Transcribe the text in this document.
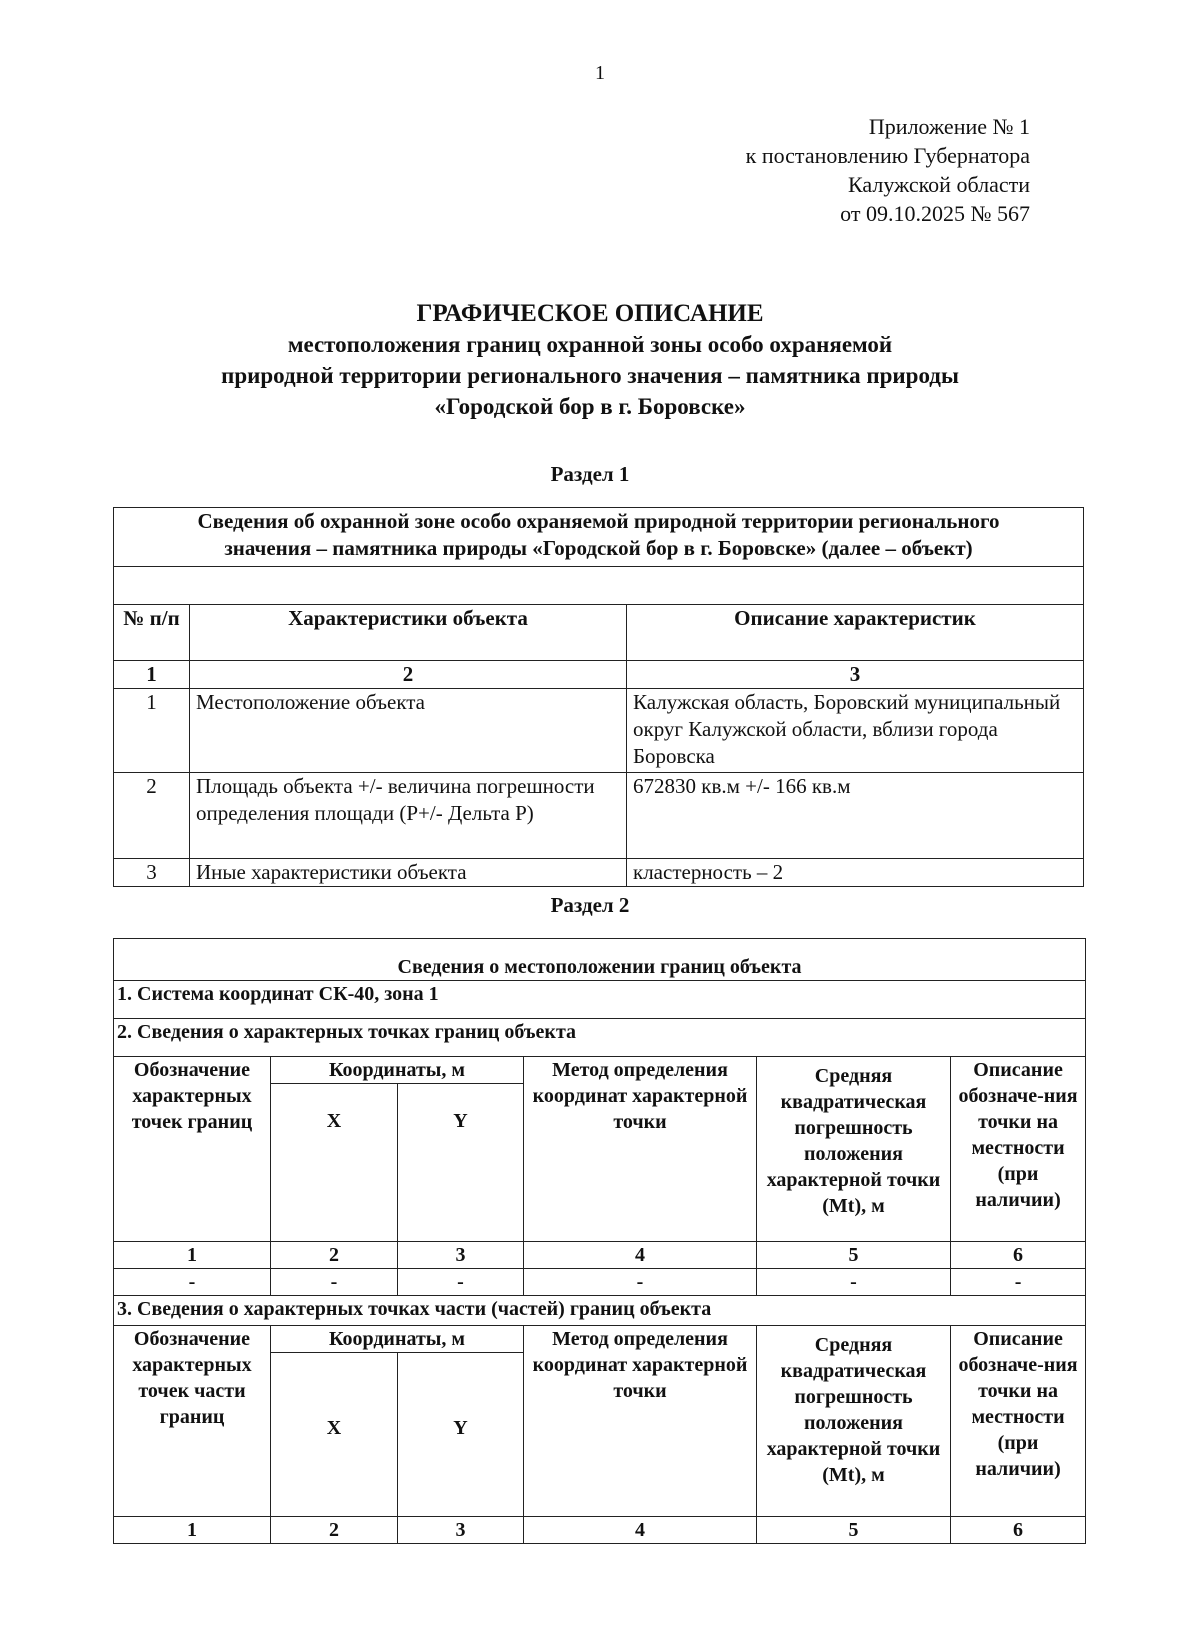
1
Приложение № 1
к постановлению Губернатора
Калужской области
от 09.10.2025 № 567
ГРАФИЧЕСКОЕ ОПИСАНИЕ
местоположения границ охранной зоны особо охраняемой
природной территории регионального значения – памятника природы
«Городской бор в г. Боровске»
Раздел 1
Сведения об охранной зоне особо охраняемой природной территории регионального
значения – памятника природы «Городской бор в г. Боровске» (далее – объект)		

№ п/п	Характеристики объекта	Описание характеристик
1	2	3
1	Местоположение объекта	Калужская область, Боровский муниципальный округ Калужской области, вблизи города Боровска
2	Площадь объекта +/- величина погрешности определения площади (Р+/- Дельта Р)	672830 кв.м +/- 166 кв.м
3	Иные характеристики объекта	кластерность – 2
Раздел 2
Сведения о местоположении границ объекта					
1. Система координат СК-40, зона 1					
2. Сведения о характерных точках границ объекта					
Обозначение характерных точек границ	Координаты, м		Метод определения координат характерной точки	Средняя квадратическая погрешность положения характерной точки (Mt), м	Описание обозначе-ния точки на местности (при наличии)
	X	Y			
1	2	3	4	5	6
-	-	-	-	-	-
3. Сведения о характерных точках части (частей) границ объекта					
Обозначение характерных точек части границ	Координаты, м		Метод определения координат характерной точки	Средняя квадратическая погрешность положения характерной точки (Mt), м	Описание обозначе-ния точки на местности (при наличии)
	X	Y			
1	2	3	4	5	6
